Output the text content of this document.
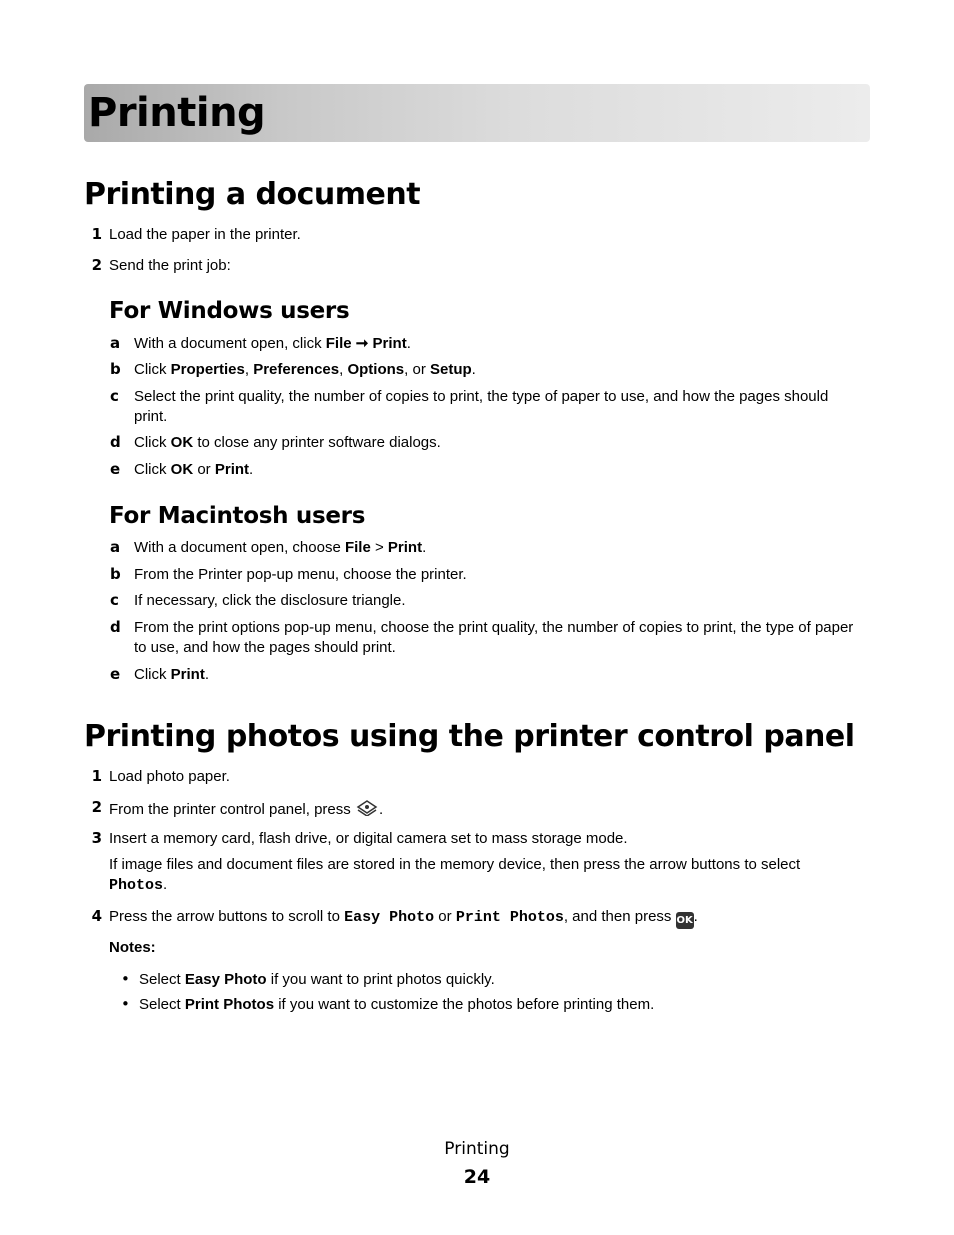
Printing
Printing a document
1 Load the paper in the printer.
2 Send the print job:
For Windows users
a With a document open, click File ➞ Print.
b Click Properties, Preferences, Options, or Setup.
c	Select the print quality, the number of copies to print, the type of paper to use, and how the pages should print.
d Click OK to close any printer software dialogs.
e Click OK or Print.
For Macintosh users
a With a document open, choose File > Print.
b From the Printer pop-up menu, choose the printer.
c	If necessary, click the disclosure triangle.
d From the print options pop-up menu, choose the print quality, the number of copies to print, the type of paper to use, and how the pages should print.
e Click Print.
Printing photos using the printer control panel
1 Load photo paper.
2 From the printer control panel, press .
3 Insert a memory card, flash drive, or digital camera set to mass storage mode.
If image files and document files are stored in the memory device, then press the arrow buttons to select
Photos.
4 Press the arrow buttons to scroll to Easy Photo or Print Photos, and then press OK.
Notes:
• Select Easy Photo if you want to print photos quickly.
• Select Print Photos if you want to customize the photos before printing them.
Printing
24
